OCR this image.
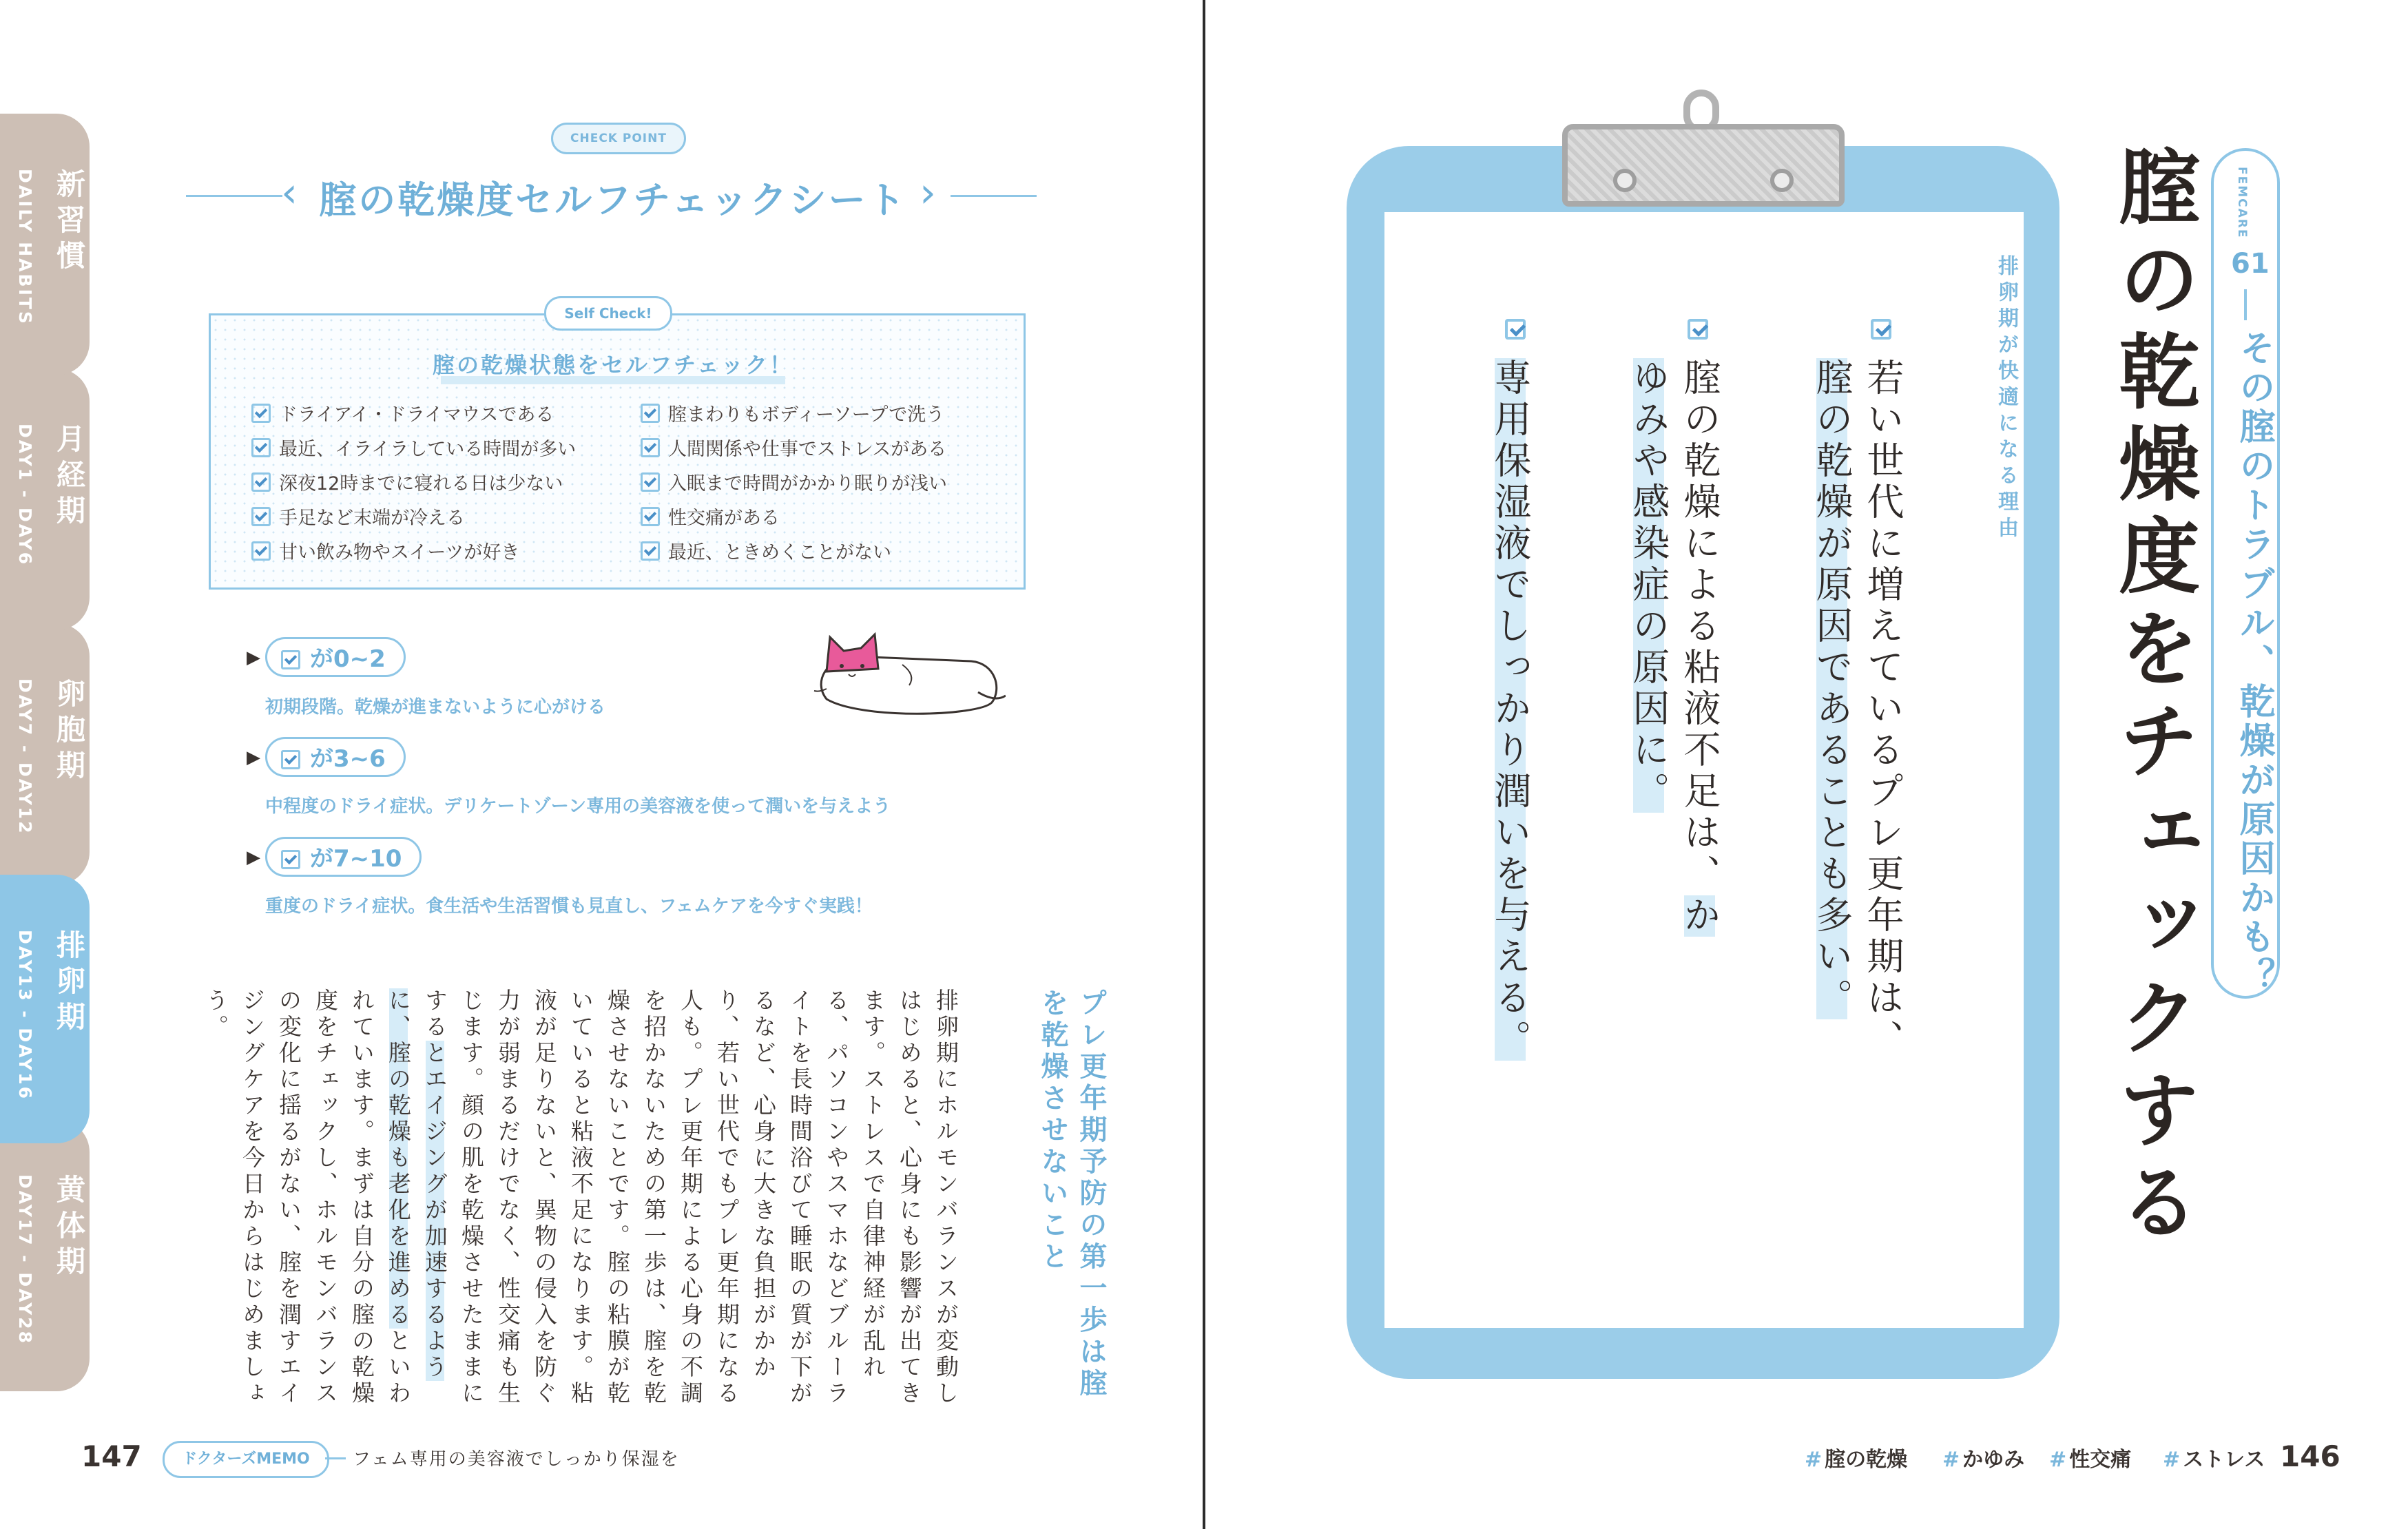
新習慣
DAILY HABITS
月経期
DAY1 - DAY6
卵胞期
DAY7 - DAY12
排卵期
DAY13 - DAY16
黄体期
DAY17 - DAY28
CHECK POINT
‹ 腟の乾燥度セルフチェックシート ›
Self Check!
腟の乾燥状態をセルフチェック！
ドライアイ・ドライマウスである
最近、イライラしている時間が多い
深夜12時までに寝れる日は少ない
手足など末端が冷える
甘い飲み物やスイーツが好き
腟まわりもボディーソープで洗う
人間関係や仕事でストレスがある
入眠まで時間がかかり眠りが浅い
性交痛がある
最近、ときめくことがない
▶	が0~2
初期段階。乾燥が進まないように心がける
▶	が3~6
中程度のドライ症状。デリケートゾーン専用の美容液を使って潤いを与えよう
▶	が7~10
重度のドライ症状。食生活や生活習慣も見直し、フェムケアを今すぐ実践！
プレ更年期予防の第一歩は腟を乾燥させないこと
排卵期にホルモンバランスが変動しはじめると、心身にも影響が出てきます。ストレスで自律神経が乱れる、パソコンやスマホなどブルーライトを長時間浴びて睡眠の質が下がるなど、心身に大きな負担がかかり、若い世代でもプレ更年期になる人も。プレ更年期による心身の不調を招かないための第一歩は、腟を乾燥させないことです。腟の粘膜が乾いていると粘液不足になります。粘液が足りないと、異物の侵入を防ぐ力が弱まるだけでなく、性交痛も生じます。顔の肌を乾燥させたままにするとエイジングが加速するように、腟の乾燥も老化を進めるといわれています。まずは自分の腟の乾燥度をチェックし、ホルモンバランスの変化に揺るがない、腟を潤すエイジングケアを今日からはじめましょう。
147	ドクターズMEMO	フェム専用の美容液でしっかり保湿を
排卵期が快適になる理由
若い世代に増えているプレ更年期は、腟の乾燥が原因であることも多い。
腟の乾燥による粘液不足は、かゆみや感染症の原因に。
専用保湿液でしっかり潤いを与える。	腟の乾燥度をチェックする	FEMCARE
61
その腟のトラブル、乾燥が原因かも？
# 腟の乾燥 # かゆみ # 性交痛 # ストレス 146
